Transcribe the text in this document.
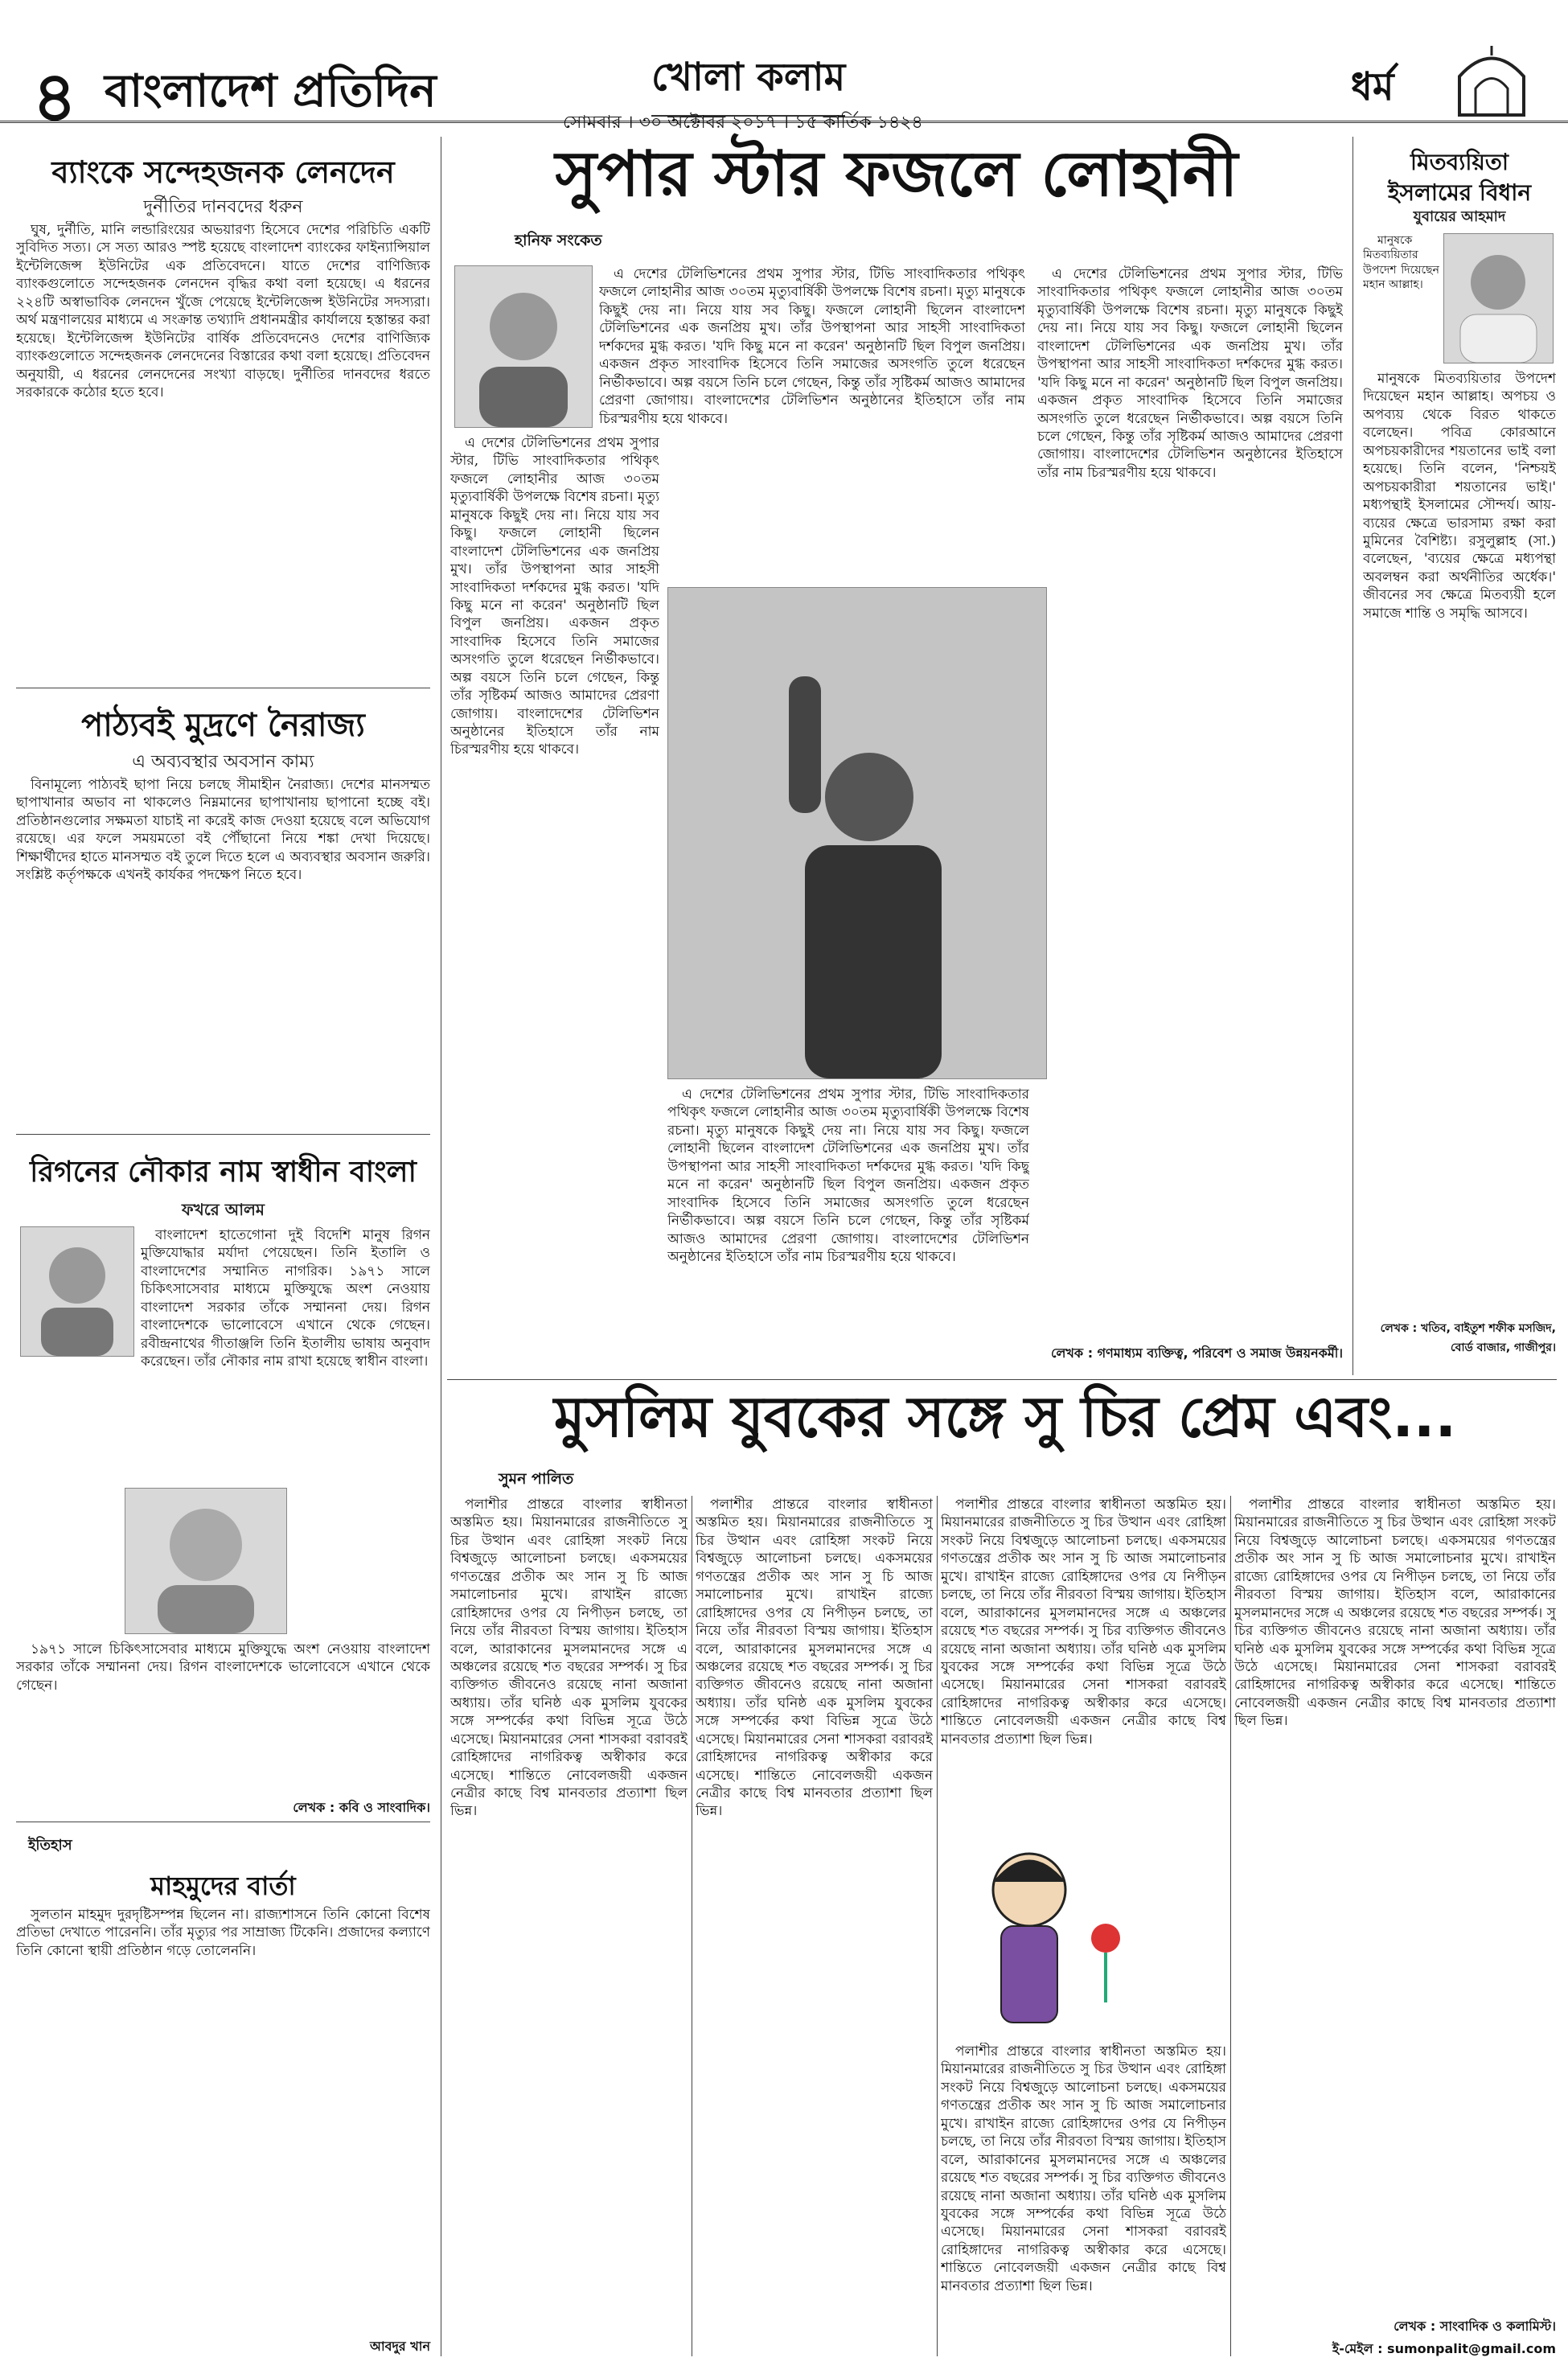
৪ বাংলাদেশ প্রতিদিন	খোলা কলাম
সোমবার । ৩০ অক্টোবর ২০১৭ । ১৫ কার্তিক ১৪২৪
ধর্ম
ব্যাংকে সন্দেহজনক লেনদেন
দুর্নীতির দানবদের ধরুন

ঘুষ, দুর্নীতি, মানি লন্ডারিংয়ের অভয়ারণ্য হিসেবে দেশের পরিচিতি একটি সুবিদিত সত্য। সে সত্য আরও স্পষ্ট হয়েছে বাংলাদেশ ব্যাংকের ফাইন্যান্সিয়াল ইন্টেলিজেন্স ইউনিটের এক প্রতিবেদনে। যাতে দেশের বাণিজ্যিক ব্যাংকগুলোতে সন্দেহজনক লেনদেন বৃদ্ধির কথা বলা হয়েছে। এ ধরনের ২২৪টি অস্বাভাবিক লেনদেন খুঁজে পেয়েছে ইন্টেলিজেন্স ইউনিটের সদস্যরা। অর্থ মন্ত্রণালয়ের মাধ্যমে এ সংক্রান্ত তথ্যাদি প্রধানমন্ত্রীর কার্যালয়ে হস্তান্তর করা হয়েছে। ইন্টেলিজেন্স ইউনিটের বার্ষিক প্রতিবেদনেও দেশের বাণিজ্যিক ব্যাংকগুলোতে সন্দেহজনক লেনদেনের বিস্তারের কথা বলা হয়েছে। প্রতিবেদন অনুযায়ী, এ ধরনের লেনদেনের সংখ্যা বাড়ছে। দুর্নীতির দানবদের ধরতে সরকারকে কঠোর হতে হবে।

পাঠ্যবই মুদ্রণে নৈরাজ্য
এ অব্যবস্থার অবসান কাম্য

বিনামূল্যে পাঠ্যবই ছাপা নিয়ে চলছে সীমাহীন নৈরাজ্য। দেশের মানসম্মত ছাপাখানার অভাব না থাকলেও নিম্নমানের ছাপাখানায় ছাপানো হচ্ছে বই। প্রতিষ্ঠানগুলোর সক্ষমতা যাচাই না করেই কাজ দেওয়া হয়েছে বলে অভিযোগ রয়েছে। এর ফলে সময়মতো বই পৌঁছানো নিয়ে শঙ্কা দেখা দিয়েছে। শিক্ষার্থীদের হাতে মানসম্মত বই তুলে দিতে হলে এ অব্যবস্থার অবসান জরুরি। সংশ্লিষ্ট কর্তৃপক্ষকে এখনই কার্যকর পদক্ষেপ নিতে হবে।

রিগনের নৌকার নাম স্বাধীন বাংলা
ফখরে আলম

বাংলাদেশ হাতেগোনা দুই বিদেশি মানুষ রিগন মুক্তিযোদ্ধার মর্যাদা পেয়েছেন। তিনি ইতালি ও বাংলাদেশের সম্মানিত নাগরিক। ১৯৭১ সালে চিকিৎসাসেবার মাধ্যমে মুক্তিযুদ্ধে অংশ নেওয়ায় বাংলাদেশ সরকার তাঁকে সম্মাননা দেয়। রিগন বাংলাদেশকে ভালোবেসে এখানে থেকে গেছেন। রবীন্দ্রনাথের গীতাঞ্জলি তিনি ইতালীয় ভাষায় অনুবাদ করেছেন। তাঁর নৌকার নাম রাখা হয়েছে স্বাধীন বাংলা।

১৯৭১ সালে চিকিৎসাসেবার মাধ্যমে মুক্তিযুদ্ধে অংশ নেওয়ায় বাংলাদেশ সরকার তাঁকে সম্মাননা দেয়। রিগন বাংলাদেশকে ভালোবেসে এখানে থেকে গেছেন।

লেখক : কবি ও সাংবাদিক।
ইতিহাস
মাহমুদের বার্তা

সুলতান মাহমুদ দুরদৃষ্টিসম্পন্ন ছিলেন না। রাজ্যশাসনে তিনি কোনো বিশেষ প্রতিভা দেখাতে পারেননি। তাঁর মৃত্যুর পর সাম্রাজ্য টিকেনি। প্রজাদের কল্যাণে তিনি কোনো স্থায়ী প্রতিষ্ঠান গড়ে তোলেননি।

আবদুর খান
সুপার স্টার ফজলে লোহানী
হানিফ সংকেত

এ দেশের টেলিভিশনের প্রথম সুপার স্টার, টিভি সাংবাদিকতার পথিকৃৎ ফজলে লোহানীর আজ ৩০তম মৃত্যুবার্ষিকী উপলক্ষে বিশেষ রচনা। মৃত্যু মানুষকে কিছুই দেয় না। নিয়ে যায় সব কিছু। ফজলে লোহানী ছিলেন বাংলাদেশ টেলিভিশনের এক জনপ্রিয় মুখ। তাঁর উপস্থাপনা আর সাহসী সাংবাদিকতা দর্শকদের মুগ্ধ করত। 'যদি কিছু মনে না করেন' অনুষ্ঠানটি ছিল বিপুল জনপ্রিয়। একজন প্রকৃত সাংবাদিক হিসেবে তিনি সমাজের অসংগতি তুলে ধরেছেন নির্ভীকভাবে। অল্প বয়সে তিনি চলে গেছেন, কিন্তু তাঁর সৃষ্টিকর্ম আজও আমাদের প্রেরণা জোগায়। বাংলাদেশের টেলিভিশন অনুষ্ঠানের ইতিহাসে তাঁর নাম চিরস্মরণীয় হয়ে থাকবে।

এ দেশের টেলিভিশনের প্রথম সুপার স্টার, টিভি সাংবাদিকতার পথিকৃৎ ফজলে লোহানীর আজ ৩০তম মৃত্যুবার্ষিকী উপলক্ষে বিশেষ রচনা। মৃত্যু মানুষকে কিছুই দেয় না। নিয়ে যায় সব কিছু। ফজলে লোহানী ছিলেন বাংলাদেশ টেলিভিশনের এক জনপ্রিয় মুখ। তাঁর উপস্থাপনা আর সাহসী সাংবাদিকতা দর্শকদের মুগ্ধ করত। 'যদি কিছু মনে না করেন' অনুষ্ঠানটি ছিল বিপুল জনপ্রিয়। একজন প্রকৃত সাংবাদিক হিসেবে তিনি সমাজের অসংগতি তুলে ধরেছেন নির্ভীকভাবে। অল্প বয়সে তিনি চলে গেছেন, কিন্তু তাঁর সৃষ্টিকর্ম আজও আমাদের প্রেরণা জোগায়। বাংলাদেশের টেলিভিশন অনুষ্ঠানের ইতিহাসে তাঁর নাম চিরস্মরণীয় হয়ে থাকবে।

এ দেশের টেলিভিশনের প্রথম সুপার স্টার, টিভি সাংবাদিকতার পথিকৃৎ ফজলে লোহানীর আজ ৩০তম মৃত্যুবার্ষিকী উপলক্ষে বিশেষ রচনা। মৃত্যু মানুষকে কিছুই দেয় না। নিয়ে যায় সব কিছু। ফজলে লোহানী ছিলেন বাংলাদেশ টেলিভিশনের এক জনপ্রিয় মুখ। তাঁর উপস্থাপনা আর সাহসী সাংবাদিকতা দর্শকদের মুগ্ধ করত। 'যদি কিছু মনে না করেন' অনুষ্ঠানটি ছিল বিপুল জনপ্রিয়। একজন প্রকৃত সাংবাদিক হিসেবে তিনি সমাজের অসংগতি তুলে ধরেছেন নির্ভীকভাবে। অল্প বয়সে তিনি চলে গেছেন, কিন্তু তাঁর সৃষ্টিকর্ম আজও আমাদের প্রেরণা জোগায়। বাংলাদেশের টেলিভিশন অনুষ্ঠানের ইতিহাসে তাঁর নাম চিরস্মরণীয় হয়ে থাকবে।

এ দেশের টেলিভিশনের প্রথম সুপার স্টার, টিভি সাংবাদিকতার পথিকৃৎ ফজলে লোহানীর আজ ৩০তম মৃত্যুবার্ষিকী উপলক্ষে বিশেষ রচনা। মৃত্যু মানুষকে কিছুই দেয় না। নিয়ে যায় সব কিছু। ফজলে লোহানী ছিলেন বাংলাদেশ টেলিভিশনের এক জনপ্রিয় মুখ। তাঁর উপস্থাপনা আর সাহসী সাংবাদিকতা দর্শকদের মুগ্ধ করত। 'যদি কিছু মনে না করেন' অনুষ্ঠানটি ছিল বিপুল জনপ্রিয়। একজন প্রকৃত সাংবাদিক হিসেবে তিনি সমাজের অসংগতি তুলে ধরেছেন নির্ভীকভাবে। অল্প বয়সে তিনি চলে গেছেন, কিন্তু তাঁর সৃষ্টিকর্ম আজও আমাদের প্রেরণা জোগায়। বাংলাদেশের টেলিভিশন অনুষ্ঠানের ইতিহাসে তাঁর নাম চিরস্মরণীয় হয়ে থাকবে।

লেখক : গণমাধ্যম ব্যক্তিত্ব, পরিবেশ ও সমাজ উন্নয়নকর্মী।
মিতব্যয়িতা
ইসলামের বিধান
যুবায়ের আহমাদ

মানুষকে মিতব্যয়িতার উপদেশ দিয়েছেন মহান আল্লাহ।

মানুষকে মিতব্যয়িতার উপদেশ দিয়েছেন মহান আল্লাহ। অপচয় ও অপব্যয় থেকে বিরত থাকতে বলেছেন। পবিত্র কোরআনে অপচয়কারীদের শয়তানের ভাই বলা হয়েছে। তিনি বলেন, 'নিশ্চয়ই অপচয়কারীরা শয়তানের ভাই।' মধ্যপন্থাই ইসলামের সৌন্দর্য। আয়-ব্যয়ের ক্ষেত্রে ভারসাম্য রক্ষা করা মুমিনের বৈশিষ্ট্য। রসুলুল্লাহ (সা.) বলেছেন, 'ব্যয়ের ক্ষেত্রে মধ্যপন্থা অবলম্বন করা অর্থনীতির অর্ধেক।' জীবনের সব ক্ষেত্রে মিতব্যয়ী হলে সমাজে শান্তি ও সমৃদ্ধি আসবে।

লেখক : খতিব, বাইতুশ শফীক মসজিদ, বোর্ড বাজার, গাজীপুর।
মুসলিম যুবকের সঙ্গে সু চির প্রেম এবং...
সুমন পালিত

পলাশীর প্রান্তরে বাংলার স্বাধীনতা অস্তমিত হয়। মিয়ানমারের রাজনীতিতে সু চির উত্থান এবং রোহিঙ্গা সংকট নিয়ে বিশ্বজুড়ে আলোচনা চলছে। একসময়ের গণতন্ত্রের প্রতীক অং সান সু চি আজ সমালোচনার মুখে। রাখাইন রাজ্যে রোহিঙ্গাদের ওপর যে নিপীড়ন চলছে, তা নিয়ে তাঁর নীরবতা বিস্ময় জাগায়। ইতিহাস বলে, আরাকানের মুসলমানদের সঙ্গে এ অঞ্চলের রয়েছে শত বছরের সম্পর্ক। সু চির ব্যক্তিগত জীবনেও রয়েছে নানা অজানা অধ্যায়। তাঁর ঘনিষ্ঠ এক মুসলিম যুবকের সঙ্গে সম্পর্কের কথা বিভিন্ন সূত্রে উঠে এসেছে। মিয়ানমারের সেনা শাসকরা বরাবরই রোহিঙ্গাদের নাগরিকত্ব অস্বীকার করে এসেছে। শান্তিতে নোবেলজয়ী একজন নেত্রীর কাছে বিশ্ব মানবতার প্রত্যাশা ছিল ভিন্ন।

পলাশীর প্রান্তরে বাংলার স্বাধীনতা অস্তমিত হয়। মিয়ানমারের রাজনীতিতে সু চির উত্থান এবং রোহিঙ্গা সংকট নিয়ে বিশ্বজুড়ে আলোচনা চলছে। একসময়ের গণতন্ত্রের প্রতীক অং সান সু চি আজ সমালোচনার মুখে। রাখাইন রাজ্যে রোহিঙ্গাদের ওপর যে নিপীড়ন চলছে, তা নিয়ে তাঁর নীরবতা বিস্ময় জাগায়। ইতিহাস বলে, আরাকানের মুসলমানদের সঙ্গে এ অঞ্চলের রয়েছে শত বছরের সম্পর্ক। সু চির ব্যক্তিগত জীবনেও রয়েছে নানা অজানা অধ্যায়। তাঁর ঘনিষ্ঠ এক মুসলিম যুবকের সঙ্গে সম্পর্কের কথা বিভিন্ন সূত্রে উঠে এসেছে। মিয়ানমারের সেনা শাসকরা বরাবরই রোহিঙ্গাদের নাগরিকত্ব অস্বীকার করে এসেছে। শান্তিতে নোবেলজয়ী একজন নেত্রীর কাছে বিশ্ব মানবতার প্রত্যাশা ছিল ভিন্ন।

পলাশীর প্রান্তরে বাংলার স্বাধীনতা অস্তমিত হয়। মিয়ানমারের রাজনীতিতে সু চির উত্থান এবং রোহিঙ্গা সংকট নিয়ে বিশ্বজুড়ে আলোচনা চলছে। একসময়ের গণতন্ত্রের প্রতীক অং সান সু চি আজ সমালোচনার মুখে। রাখাইন রাজ্যে রোহিঙ্গাদের ওপর যে নিপীড়ন চলছে, তা নিয়ে তাঁর নীরবতা বিস্ময় জাগায়। ইতিহাস বলে, আরাকানের মুসলমানদের সঙ্গে এ অঞ্চলের রয়েছে শত বছরের সম্পর্ক। সু চির ব্যক্তিগত জীবনেও রয়েছে নানা অজানা অধ্যায়। তাঁর ঘনিষ্ঠ এক মুসলিম যুবকের সঙ্গে সম্পর্কের কথা বিভিন্ন সূত্রে উঠে এসেছে। মিয়ানমারের সেনা শাসকরা বরাবরই রোহিঙ্গাদের নাগরিকত্ব অস্বীকার করে এসেছে। শান্তিতে নোবেলজয়ী একজন নেত্রীর কাছে বিশ্ব মানবতার প্রত্যাশা ছিল ভিন্ন।

পলাশীর প্রান্তরে বাংলার স্বাধীনতা অস্তমিত হয়। মিয়ানমারের রাজনীতিতে সু চির উত্থান এবং রোহিঙ্গা সংকট নিয়ে বিশ্বজুড়ে আলোচনা চলছে। একসময়ের গণতন্ত্রের প্রতীক অং সান সু চি আজ সমালোচনার মুখে। রাখাইন রাজ্যে রোহিঙ্গাদের ওপর যে নিপীড়ন চলছে, তা নিয়ে তাঁর নীরবতা বিস্ময় জাগায়। ইতিহাস বলে, আরাকানের মুসলমানদের সঙ্গে এ অঞ্চলের রয়েছে শত বছরের সম্পর্ক। সু চির ব্যক্তিগত জীবনেও রয়েছে নানা অজানা অধ্যায়। তাঁর ঘনিষ্ঠ এক মুসলিম যুবকের সঙ্গে সম্পর্কের কথা বিভিন্ন সূত্রে উঠে এসেছে। মিয়ানমারের সেনা শাসকরা বরাবরই রোহিঙ্গাদের নাগরিকত্ব অস্বীকার করে এসেছে। শান্তিতে নোবেলজয়ী একজন নেত্রীর কাছে বিশ্ব মানবতার প্রত্যাশা ছিল ভিন্ন।

পলাশীর প্রান্তরে বাংলার স্বাধীনতা অস্তমিত হয়। মিয়ানমারের রাজনীতিতে সু চির উত্থান এবং রোহিঙ্গা সংকট নিয়ে বিশ্বজুড়ে আলোচনা চলছে। একসময়ের গণতন্ত্রের প্রতীক অং সান সু চি আজ সমালোচনার মুখে। রাখাইন রাজ্যে রোহিঙ্গাদের ওপর যে নিপীড়ন চলছে, তা নিয়ে তাঁর নীরবতা বিস্ময় জাগায়। ইতিহাস বলে, আরাকানের মুসলমানদের সঙ্গে এ অঞ্চলের রয়েছে শত বছরের সম্পর্ক। সু চির ব্যক্তিগত জীবনেও রয়েছে নানা অজানা অধ্যায়। তাঁর ঘনিষ্ঠ এক মুসলিম যুবকের সঙ্গে সম্পর্কের কথা বিভিন্ন সূত্রে উঠে এসেছে। মিয়ানমারের সেনা শাসকরা বরাবরই রোহিঙ্গাদের নাগরিকত্ব অস্বীকার করে এসেছে। শান্তিতে নোবেলজয়ী একজন নেত্রীর কাছে বিশ্ব মানবতার প্রত্যাশা ছিল ভিন্ন।

লেখক : সাংবাদিক ও কলামিস্ট।
ই-মেইল : sumonpalit@gmail.com
